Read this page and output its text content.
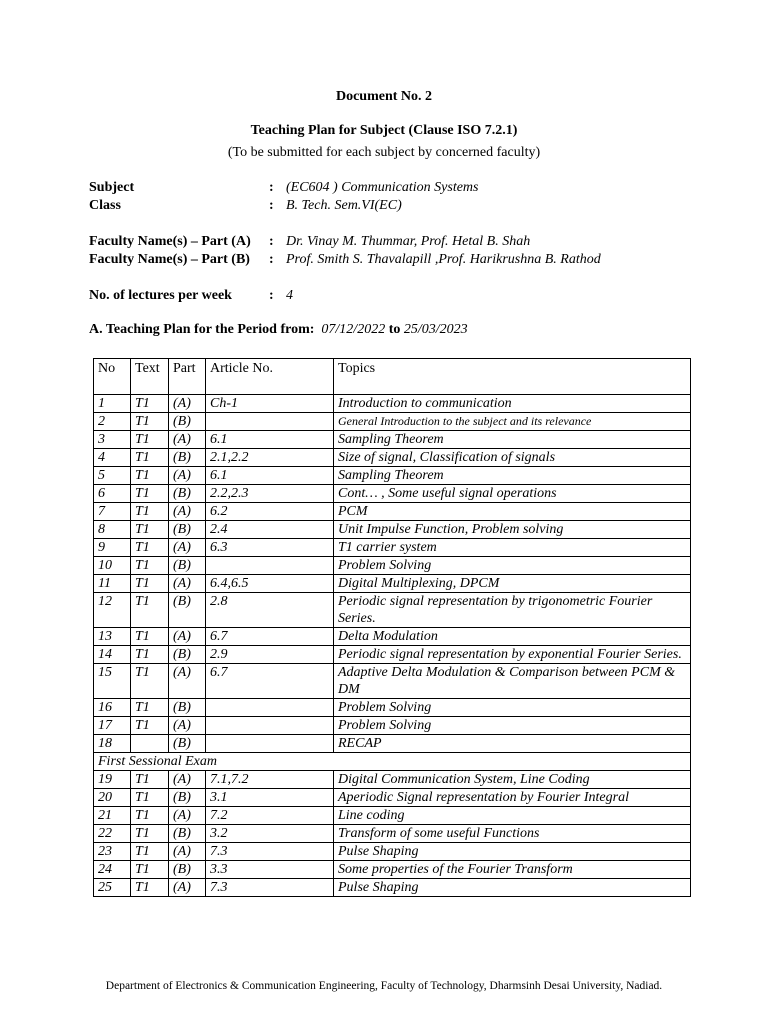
Document No. 2
Teaching Plan for Subject (Clause ISO 7.2.1)
(To be submitted for each subject by concerned faculty)
Subject	: (EC604 ) Communication Systems
Class	: B. Tech. Sem.VI(EC)
Faculty Name(s) – Part (A) : Dr. Vinay M. Thummar, Prof. Hetal B. Shah
Faculty Name(s) – Part (B) : Prof. Smith S. Thavalapill ,Prof. Harikrushna B. Rathod
No. of lectures per week	: 4
A. Teaching Plan for the Period from: 07/12/2022 to 25/03/2023
No	Text	Part	Article No.	Topics
1	T1	(A)	Ch-1	Introduction to communication
2	T1	(B)		General Introduction to the subject and its relevance
3	T1	(A)	6.1	Sampling Theorem
4	T1	(B)	2.1,2.2	Size of signal, Classification of signals
5	T1	(A)	6.1	Sampling Theorem
6	T1	(B)	2.2,2.3	Cont… , Some useful signal operations
7	T1	(A)	6.2	PCM
8	T1	(B)	2.4	Unit Impulse Function, Problem solving
9	T1	(A)	6.3	T1 carrier system
10	T1	(B)		Problem Solving
11	T1	(A)	6.4,6.5	Digital Multiplexing, DPCM
12	T1	(B)	2.8	Periodic signal representation by trigonometric Fourier Series.
13	T1	(A)	6.7	Delta Modulation
14	T1	(B)	2.9	Periodic signal representation by exponential Fourier Series.
15	T1	(A)	6.7	Adaptive Delta Modulation & Comparison between PCM & DM
16	T1	(B)		Problem Solving
17	T1	(A)		Problem Solving
18		(B)		RECAP
First Sessional Exam				
19	T1	(A)	7.1,7.2	Digital Communication System, Line Coding
20	T1	(B)	3.1	Aperiodic Signal representation by Fourier Integral
21	T1	(A)	7.2	Line coding
22	T1	(B)	3.2	Transform of some useful Functions
23	T1	(A)	7.3	Pulse Shaping
24	T1	(B)	3.3	Some properties of the Fourier Transform
25	T1	(A)	7.3	Pulse Shaping
Department of Electronics & Communication Engineering, Faculty of Technology, Dharmsinh Desai University, Nadiad.
